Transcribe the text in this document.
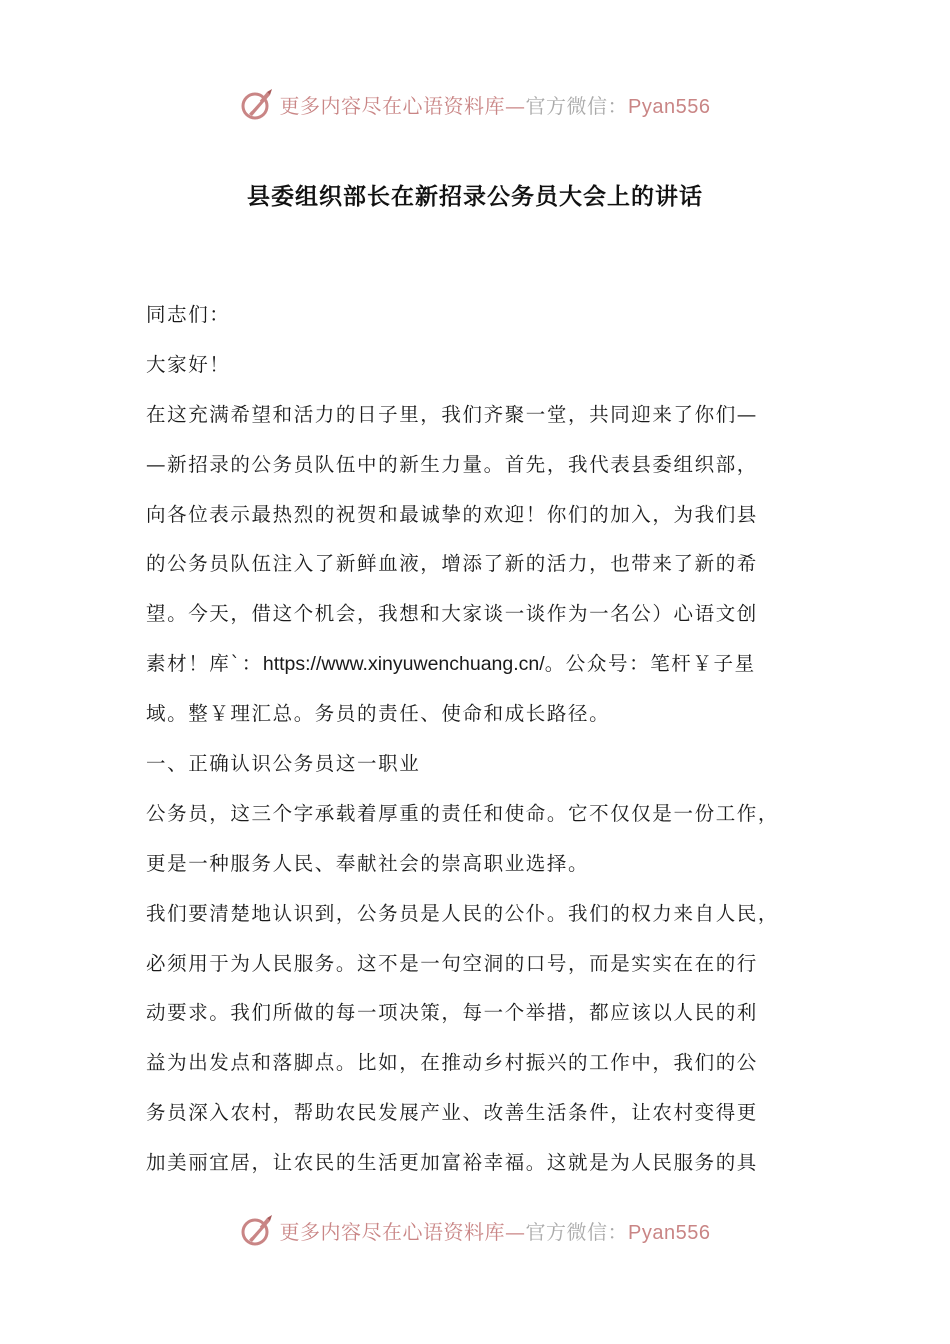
更多内容尽在心语资料库—官方微信：Pyan556
县委组织部长在新招录公务员大会上的讲话
同志们：
大家好！
在这充满希望和活力的日子里，我们齐聚一堂，共同迎来了你们—
—新招录的公务员队伍中的新生力量。首先，我代表县委组织部，
向各位表示最热烈的祝贺和最诚挚的欢迎！你们的加入，为我们县
的公务员队伍注入了新鲜血液，增添了新的活力，也带来了新的希
望。今天，借这个机会，我想和大家谈一谈作为一名公）心语文创
素材！库`：https://www.xinyuwenchuang.cn/。公众号：笔杆￥子星
域。整￥理汇总。务员的责任、使命和成长路径。
一、正确认识公务员这一职业
公务员，这三个字承载着厚重的责任和使命。它不仅仅是一份工作，
更是一种服务人民、奉献社会的崇高职业选择。
我们要清楚地认识到，公务员是人民的公仆。我们的权力来自人民，
必须用于为人民服务。这不是一句空洞的口号，而是实实在在的行
动要求。我们所做的每一项决策，每一个举措，都应该以人民的利
益为出发点和落脚点。比如，在推动乡村振兴的工作中，我们的公
务员深入农村，帮助农民发展产业、改善生活条件，让农村变得更
加美丽宜居，让农民的生活更加富裕幸福。这就是为人民服务的具
更多内容尽在心语资料库—官方微信：Pyan556
